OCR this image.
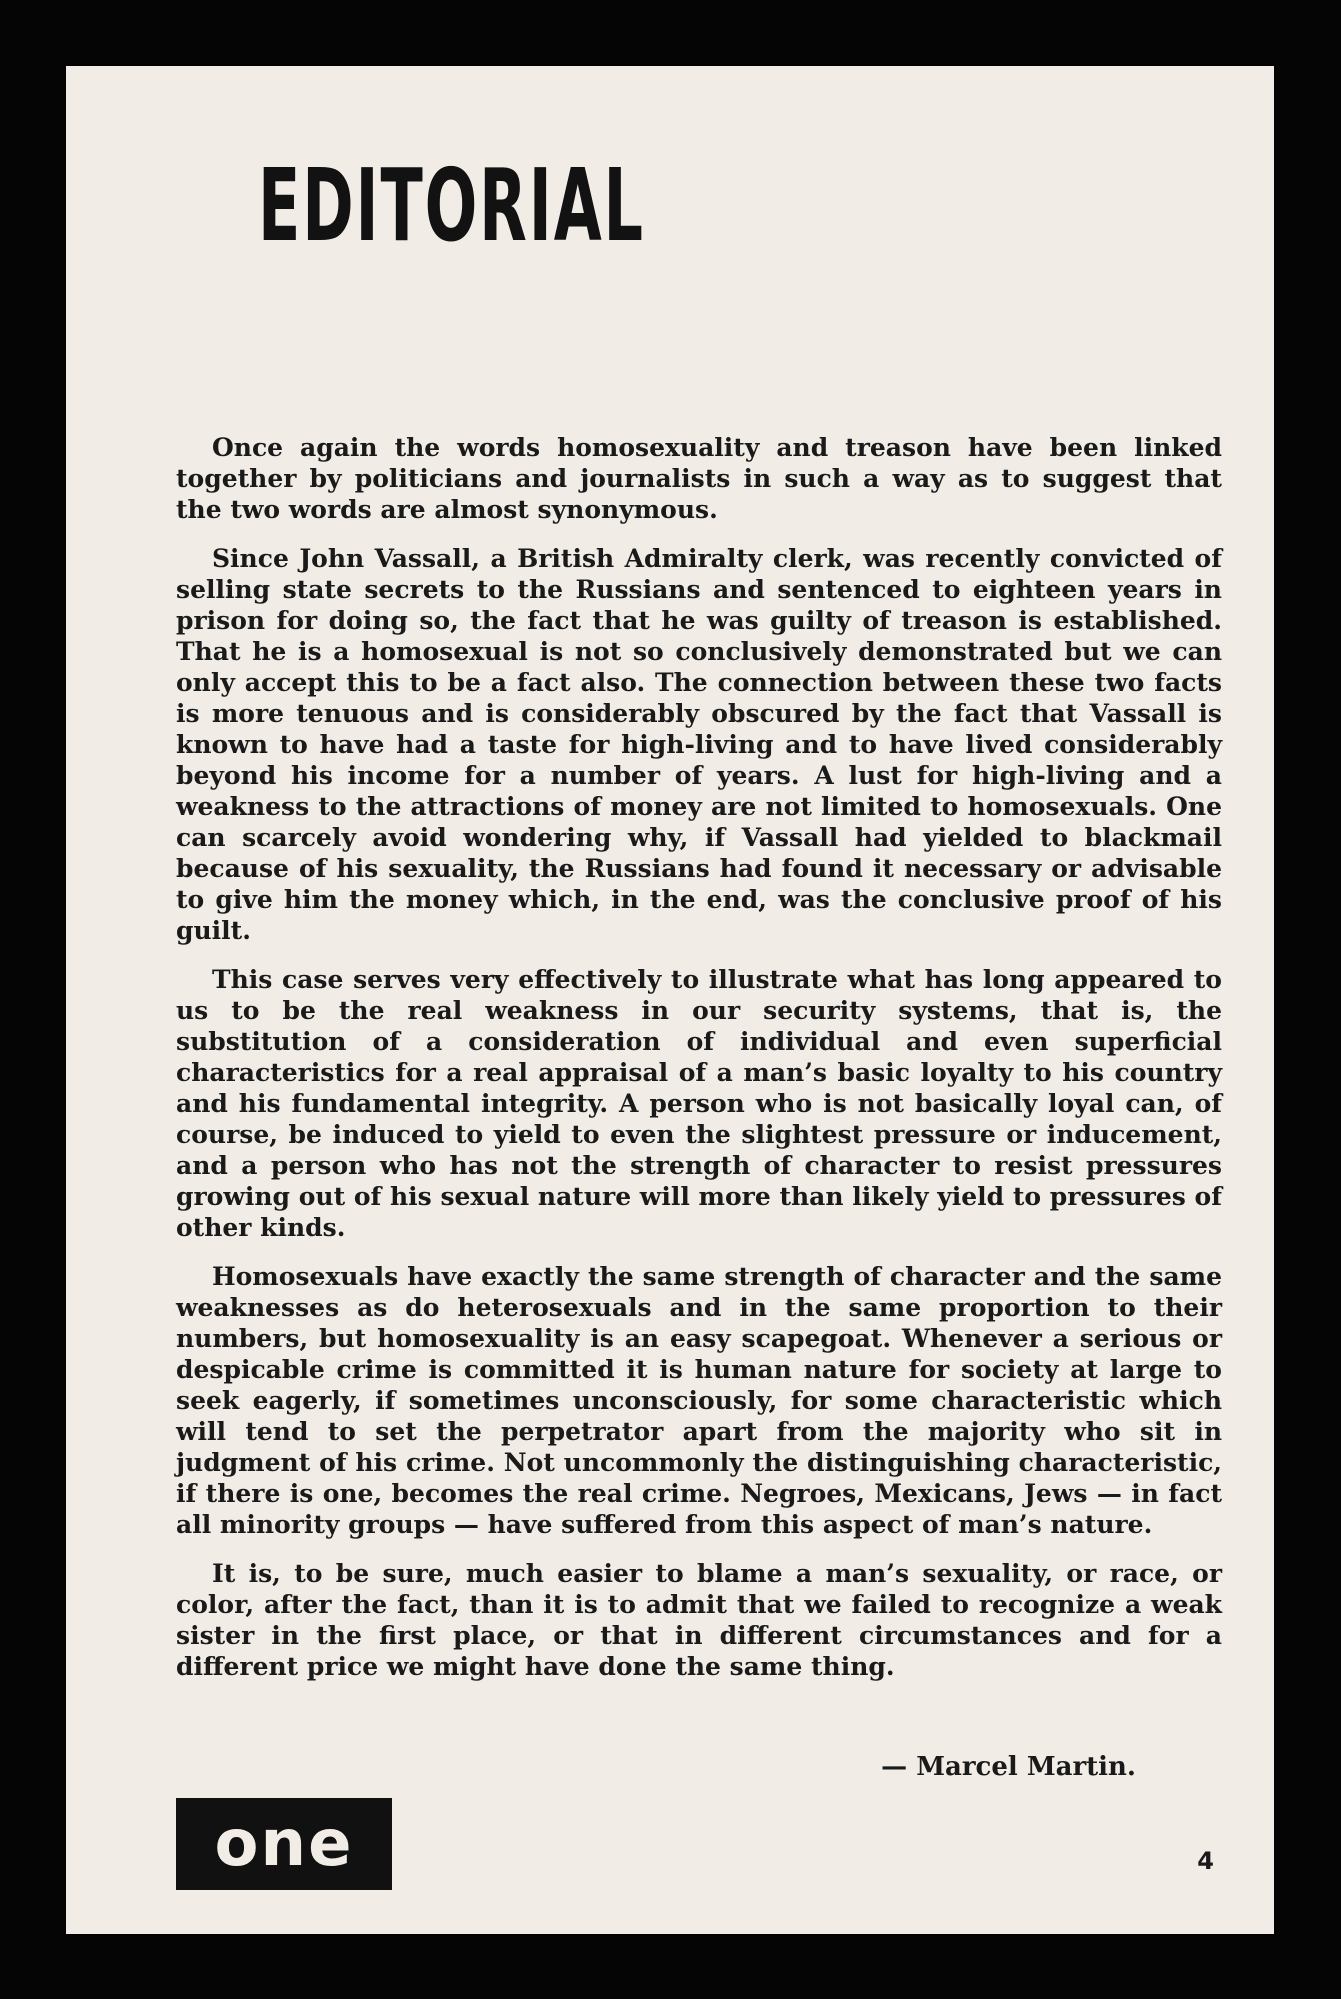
EDITORIAL

Once again the words homosexuality and treason have been linked together by politicians and journalists in such a way as to suggest that the two words are almost synonymous.

Since John Vassall, a British Admiralty clerk, was recently convicted of selling state secrets to the Russians and sentenced to eighteen years in prison for doing so, the fact that he was guilty of treason is established. That he is a homosexual is not so conclusively demonstrated but we can only accept this to be a fact also. The connection between these two facts is more tenuous and is considerably obscured by the fact that Vassall is known to have had a taste for high-living and to have lived considerably beyond his income for a number of years. A lust for high-living and a weakness to the attractions of money are not limited to homosexuals. One can scarcely avoid wondering why, if Vassall had yielded to blackmail because of his sexuality, the Russians had found it necessary or advisable to give him the money which, in the end, was the conclusive proof of his guilt.

This case serves very effectively to illustrate what has long appeared to us to be the real weakness in our security systems, that is, the substitution of a consideration of individual and even superficial characteristics for a real appraisal of a man’s basic loyalty to his country and his fundamental integrity. A person who is not basically loyal can, of course, be induced to yield to even the slightest pressure or inducement, and a person who has not the strength of character to resist pressures growing out of his sexual nature will more than likely yield to pressures of other kinds.

Homosexuals have exactly the same strength of character and the same weaknesses as do heterosexuals and in the same proportion to their numbers, but homosexuality is an easy scapegoat. Whenever a serious or despicable crime is committed it is human nature for society at large to seek eagerly, if sometimes unconsciously, for some characteristic which will tend to set the perpetrator apart from the majority who sit in judgment of his crime. Not uncommonly the distinguishing characteristic, if there is one, becomes the real crime. Negroes, Mexicans, Jews — in fact all minority groups — have suffered from this aspect of man’s nature.

It is, to be sure, much easier to blame a man’s sexuality, or race, or color, after the fact, than it is to admit that we failed to recognize a weak sister in the first place, or that in different circumstances and for a different price we might have done the same thing.

— Marcel Martin.
one	4
